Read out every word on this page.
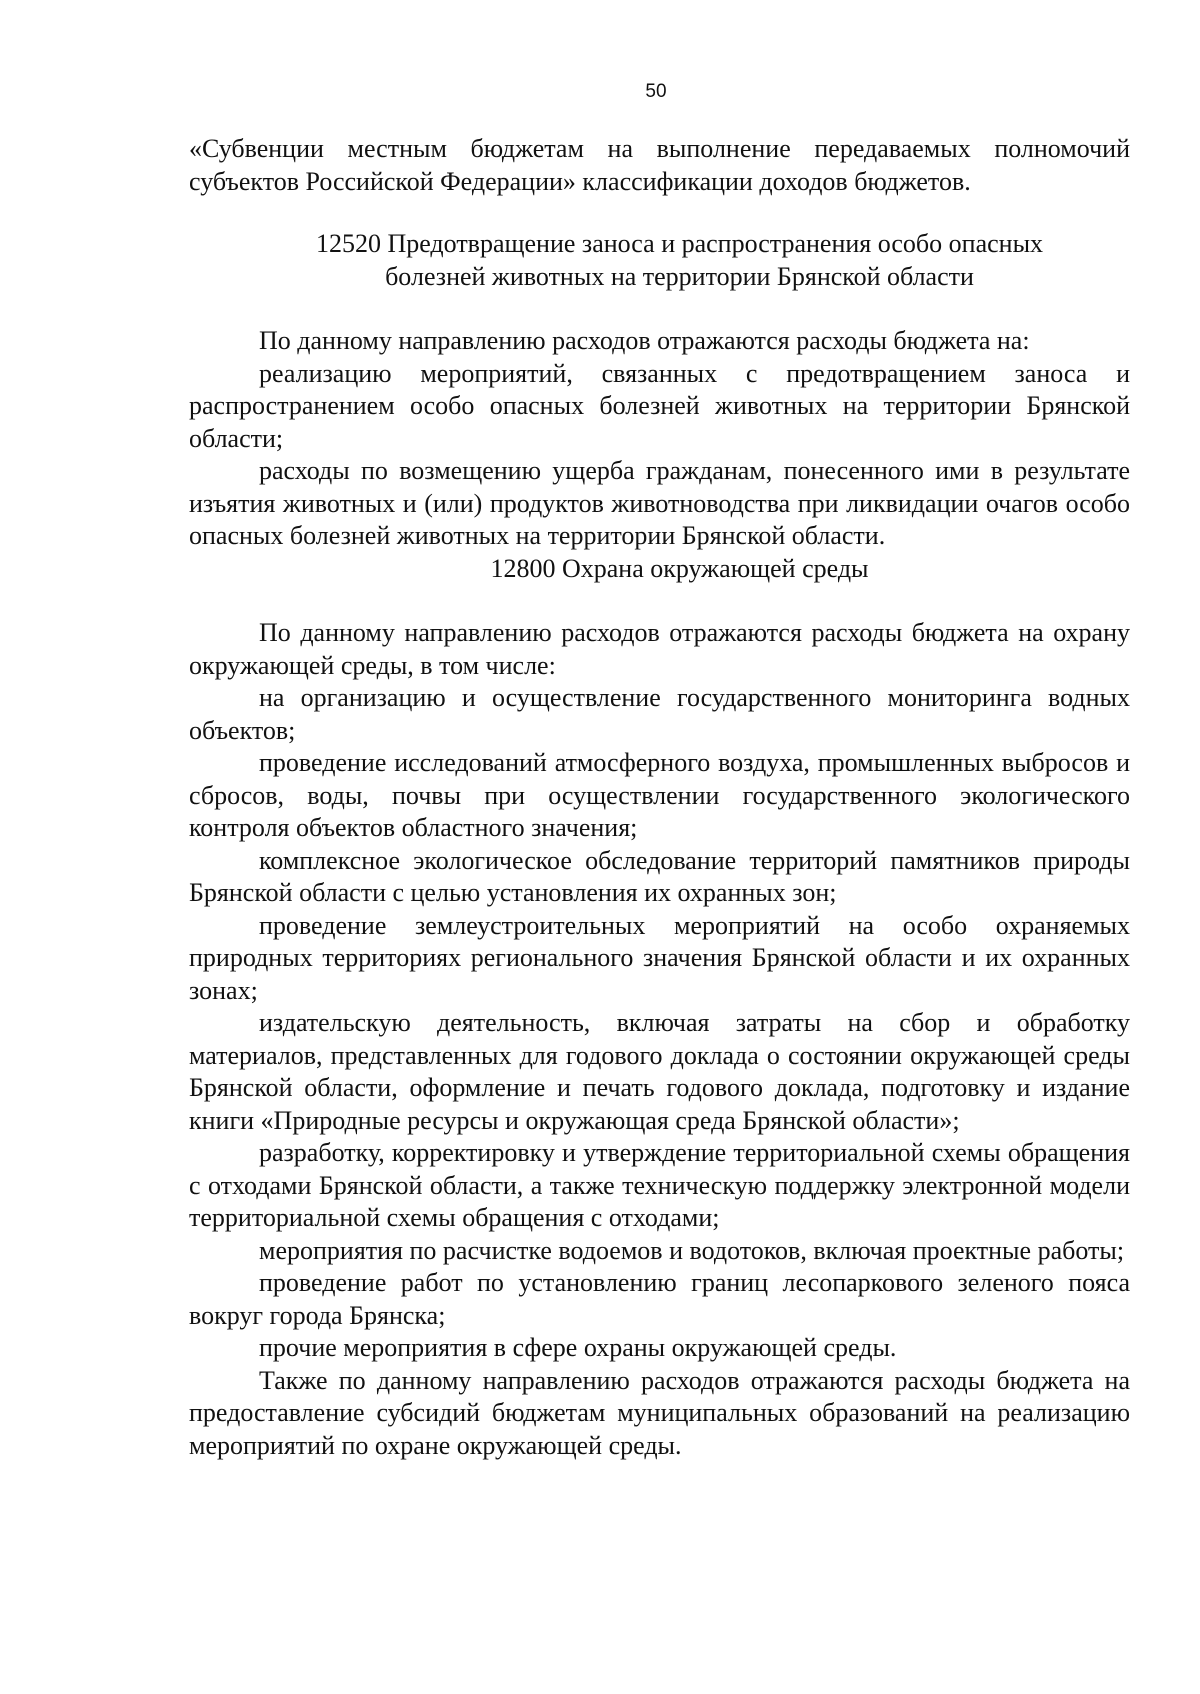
50

«Субвенции местным бюджетам на выполнение передаваемых полномочий субъектов Российской Федерации» классификации доходов бюджетов.

12520 Предотвращение заноса и распространения особо опасных
болезней животных на территории Брянской области

По данному направлению расходов отражаются расходы бюджета на:

реализацию мероприятий, связанных с предотвращением заноса и распространением особо опасных болезней животных на территории Брянской области;

расходы по возмещению ущерба гражданам, понесенного ими в результате изъятия животных и (или) продуктов животноводства при ликвидации очагов особо опасных болезней животных на территории Брянской области.

12800 Охрана окружающей среды

По данному направлению расходов отражаются расходы бюджета на охрану окружающей среды, в том числе:

на организацию и осуществление государственного мониторинга водных объектов;

проведение исследований атмосферного воздуха, промышленных выбросов и сбросов, воды, почвы при осуществлении государственного экологического контроля объектов областного значения;

комплексное экологическое обследование территорий памятников природы Брянской области с целью установления их охранных зон;

проведение землеустроительных мероприятий на особо охраняемых природных территориях регионального значения Брянской области и их охранных зонах;

издательскую деятельность, включая затраты на сбор и обработку материалов, представленных для годового доклада о состоянии окружающей среды Брянской области, оформление и печать годового доклада, подготовку и издание книги «Природные ресурсы и окружающая среда Брянской области»;

разработку, корректировку и утверждение территориальной схемы обращения с отходами Брянской области, а также техническую поддержку электронной модели территориальной схемы обращения с отходами;

мероприятия по расчистке водоемов и водотоков, включая проектные работы;

проведение работ по установлению границ лесопаркового зеленого пояса вокруг города Брянска;

прочие мероприятия в сфере охраны окружающей среды.

Также по данному направлению расходов отражаются расходы бюджета на предоставление субсидий бюджетам муниципальных образований на реализацию мероприятий по охране окружающей среды.
